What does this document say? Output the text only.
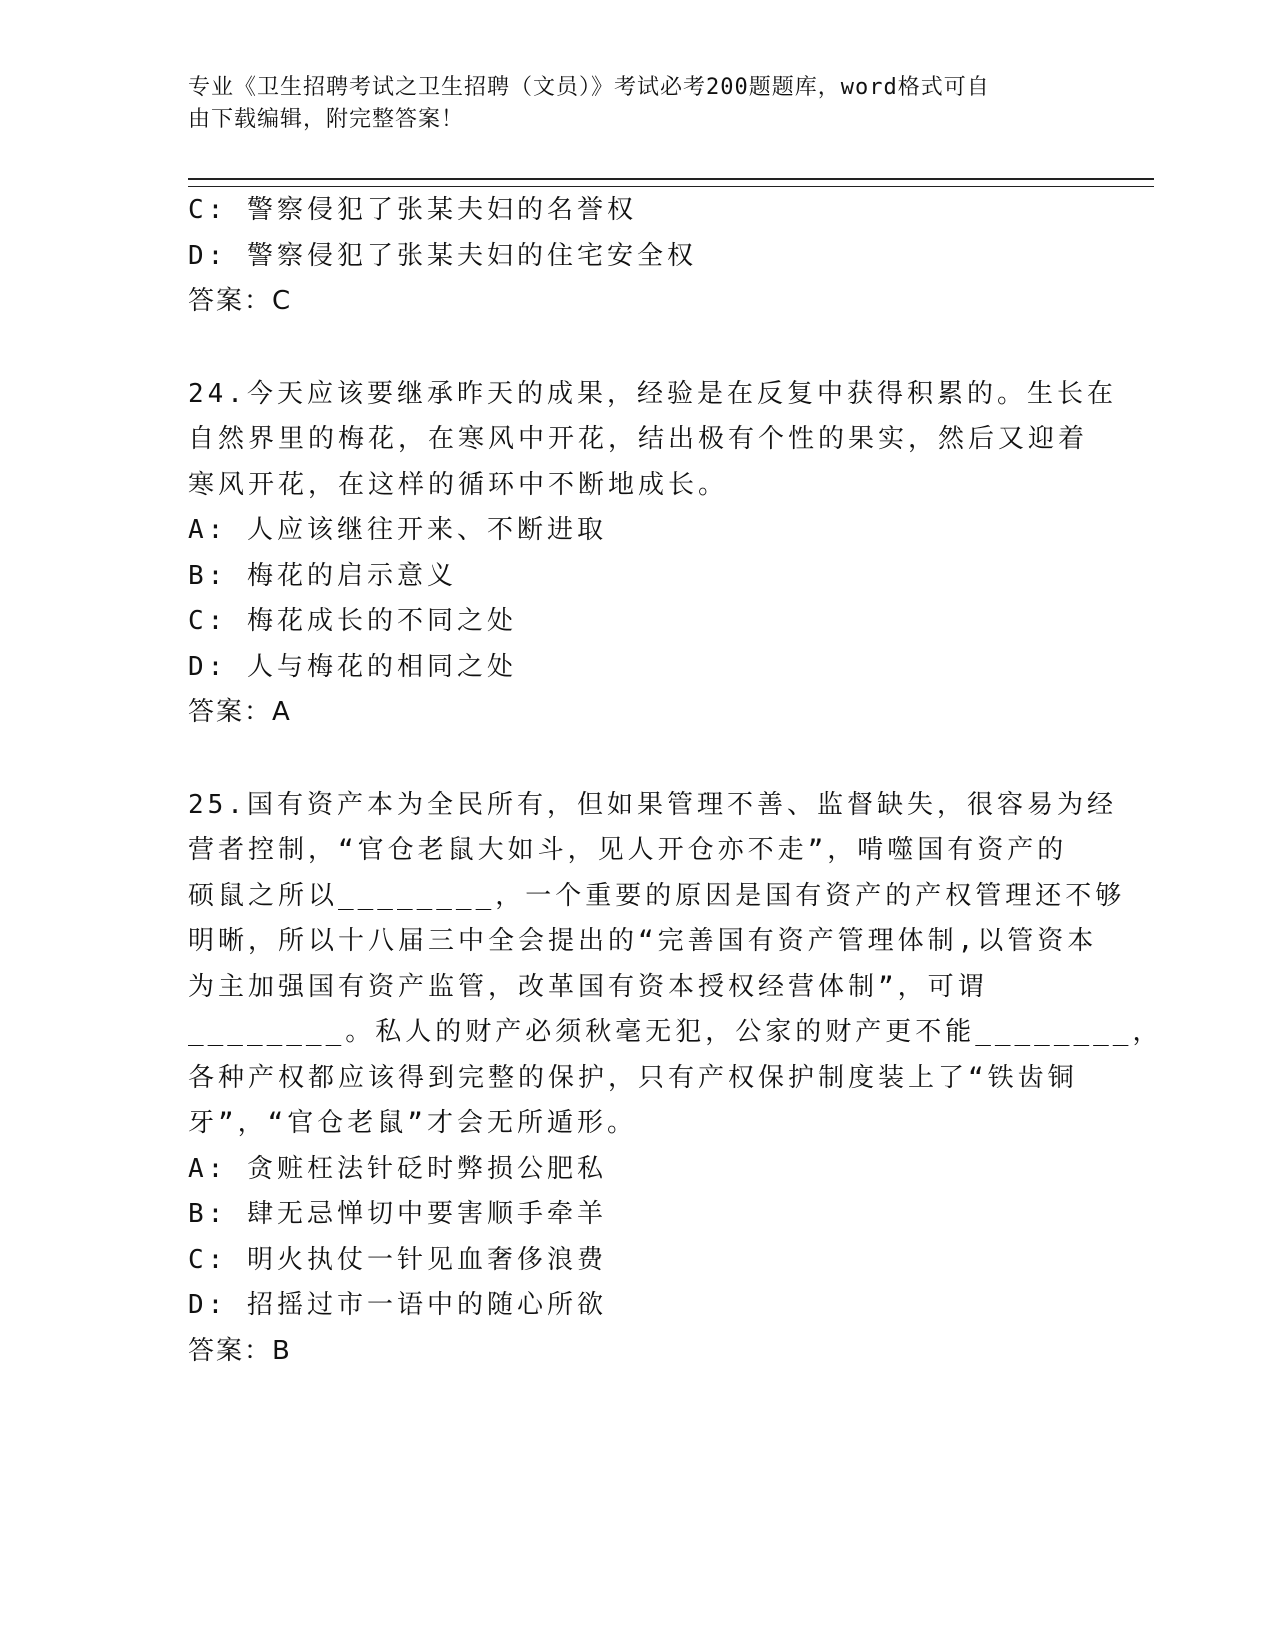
专业《卫生招聘考试之卫生招聘（文员）》考试必考200题题库，word格式可自
由下载编辑，附完整答案！
C: 警察侵犯了张某夫妇的名誉权
D: 警察侵犯了张某夫妇的住宅安全权
答案：C
24.今天应该要继承昨天的成果，经验是在反复中获得积累的。生长在
自然界里的梅花，在寒风中开花，结出极有个性的果实，然后又迎着
寒风开花，在这样的循环中不断地成长。
A: 人应该继往开来、不断进取
B: 梅花的启示意义
C: 梅花成长的不同之处
D: 人与梅花的相同之处
答案：A
25.国有资产本为全民所有，但如果管理不善、监督缺失，很容易为经
营者控制，“官仓老鼠大如斗，见人开仓亦不走”，啃噬国有资产的
硕鼠之所以________，一个重要的原因是国有资产的产权管理还不够
明晰，所以十八届三中全会提出的“完善国有资产管理体制,以管资本
为主加强国有资产监管，改革国有资本授权经营体制”，可谓
________。私人的财产必须秋毫无犯，公家的财产更不能________，
各种产权都应该得到完整的保护，只有产权保护制度装上了“铁齿铜
牙”，“官仓老鼠”才会无所遁形。
A: 贪赃枉法针砭时弊损公肥私
B: 肆无忌惮切中要害顺手牵羊
C: 明火执仗一针见血奢侈浪费
D: 招摇过市一语中的随心所欲
答案：B
